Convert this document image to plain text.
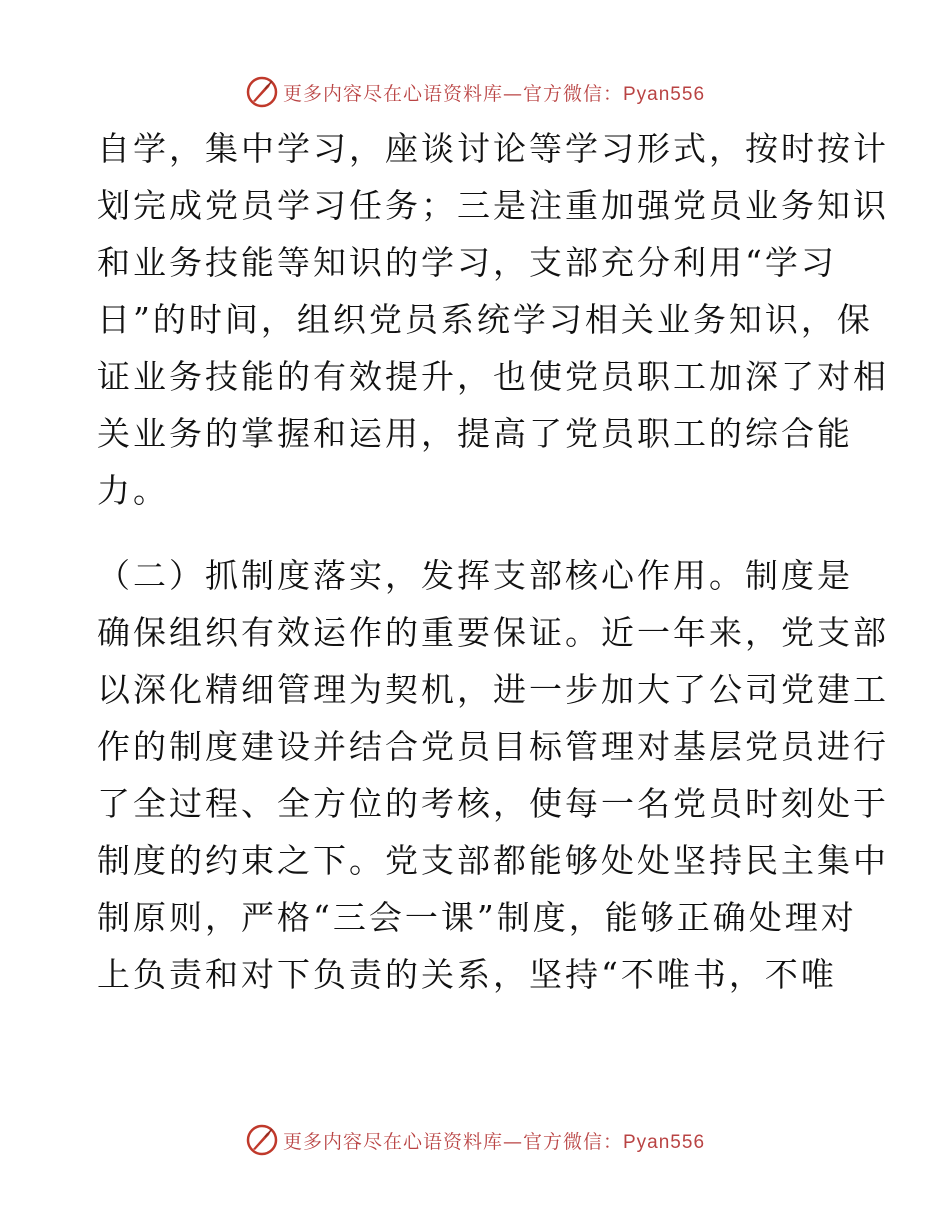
更多内容尽在心语资料库—官方微信：Pyan556
自学，集中学习，座谈讨论等学习形式，按时按计
划完成党员学习任务；三是注重加强党员业务知识
和业务技能等知识的学习，支部充分利用“学习
日”的时间，组织党员系统学习相关业务知识，保
证业务技能的有效提升，也使党员职工加深了对相
关业务的掌握和运用，提高了党员职工的综合能
力。
（二）抓制度落实，发挥支部核心作用。制度是
确保组织有效运作的重要保证。近一年来，党支部
以深化精细管理为契机，进一步加大了公司党建工
作的制度建设并结合党员目标管理对基层党员进行
了全过程、全方位的考核，使每一名党员时刻处于
制度的约束之下。党支部都能够处处坚持民主集中
制原则，严格“三会一课”制度，能够正确处理对
上负责和对下负责的关系，坚持“不唯书，不唯
更多内容尽在心语资料库—官方微信：Pyan556
